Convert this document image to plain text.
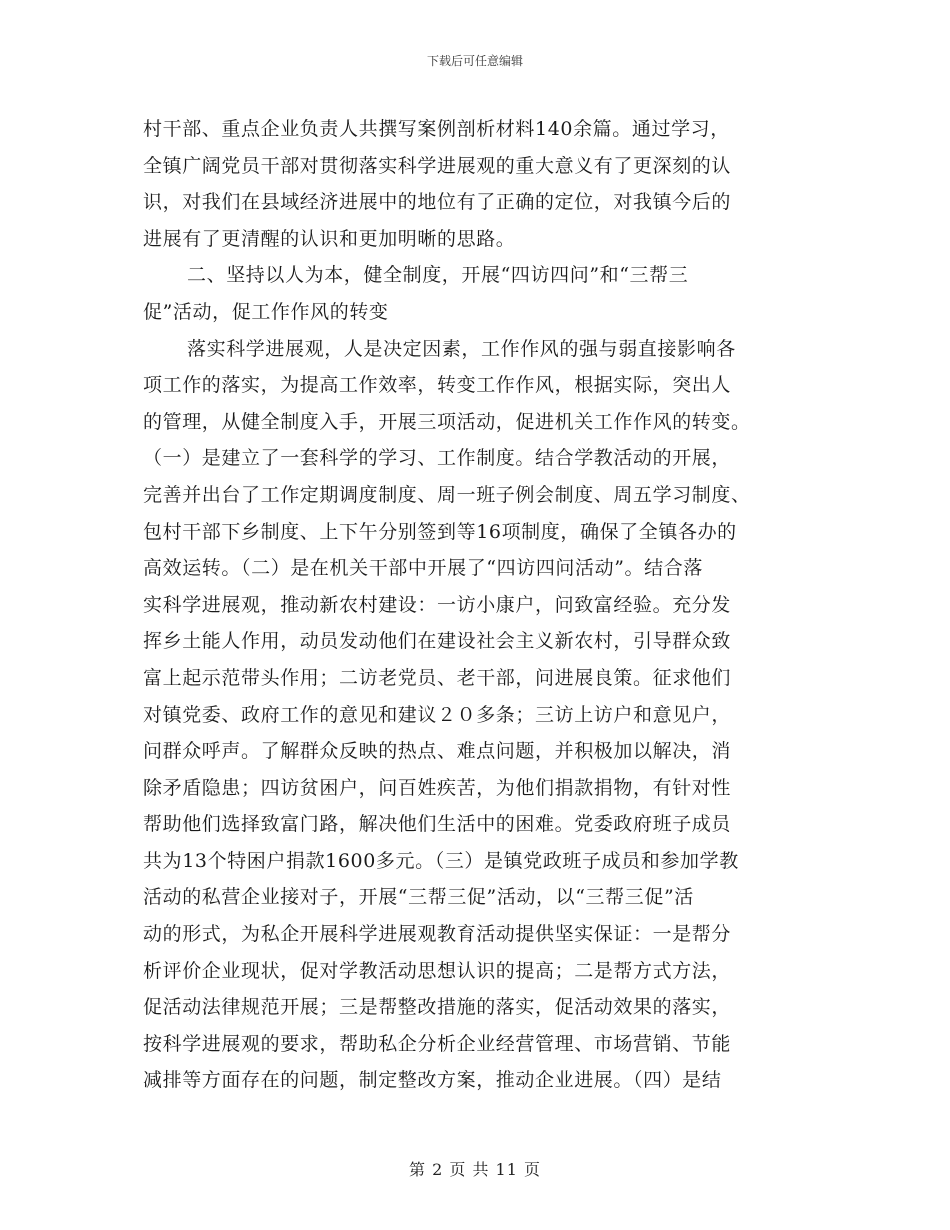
下载后可任意编辑
村干部、重点企业负责人共撰写案例剖析材料140余篇。通过学习，
全镇广阔党员干部对贯彻落实科学进展观的重大意义有了更深刻的认
识，对我们在县域经济进展中的地位有了正确的定位，对我镇今后的
进展有了更清醒的认识和更加明晰的思路。
二、坚持以人为本，健全制度，开展“四访四问”和“三帮三
促”活动，促工作作风的转变
落实科学进展观，人是决定因素，工作作风的强与弱直接影响各
项工作的落实，为提高工作效率，转变工作作风，根据实际，突出人
的管理，从健全制度入手，开展三项活动，促进机关工作作风的转变。
（一）是建立了一套科学的学习、工作制度。结合学教活动的开展，
完善并出台了工作定期调度制度、周一班子例会制度、周五学习制度、
包村干部下乡制度、上下午分别签到等16项制度，确保了全镇各办的
高效运转。（二）是在机关干部中开展了“四访四问活动”。结合落
实科学进展观，推动新农村建设：一访小康户，问致富经验。充分发
挥乡土能人作用，动员发动他们在建设社会主义新农村，引导群众致
富上起示范带头作用；二访老党员、老干部，问进展良策。征求他们
对镇党委、政府工作的意见和建议２０多条；三访上访户和意见户，
问群众呼声。了解群众反映的热点、难点问题，并积极加以解决，消
除矛盾隐患；四访贫困户，问百姓疾苦，为他们捐款捐物，有针对性
帮助他们选择致富门路，解决他们生活中的困难。党委政府班子成员
共为13个特困户捐款1600多元。（三）是镇党政班子成员和参加学教
活动的私营企业接对子，开展“三帮三促”活动，以“三帮三促”活
动的形式，为私企开展科学进展观教育活动提供坚实保证：一是帮分
析评价企业现状，促对学教活动思想认识的提高；二是帮方式方法，
促活动法律规范开展；三是帮整改措施的落实，促活动效果的落实，
按科学进展观的要求，帮助私企分析企业经营管理、市场营销、节能
减排等方面存在的问题，制定整改方案，推动企业进展。（四）是结
第 2 页 共 11 页
